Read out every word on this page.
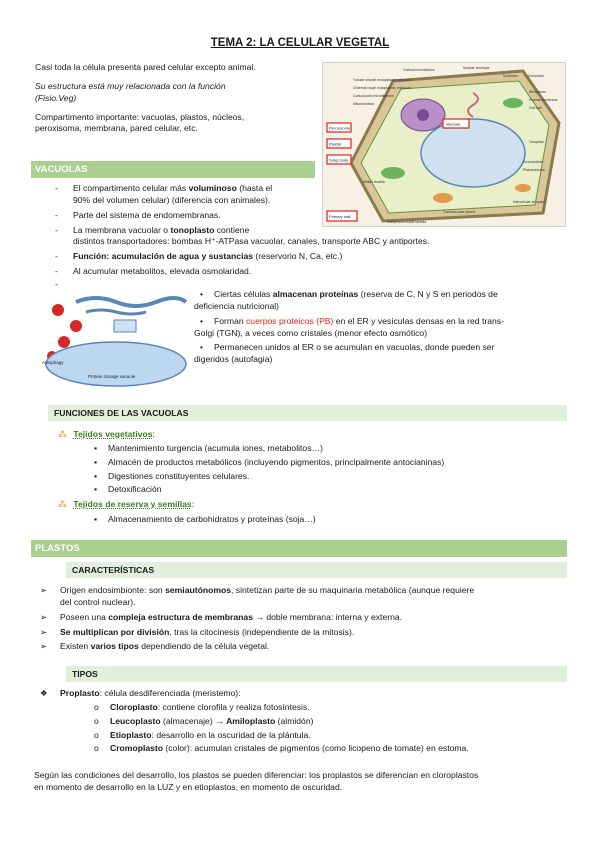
TEMA 2: LA CELULAR VEGETAL
Casi toda la célula presenta pared celular excepto animal.
Su estructura está muy relacionada con la función
(Fisio.Veg)
Compartimento importante: vacuolas, plastos, núcleos,
peroxisoma, membrana, pared celular, etc.	Peroxisome
Plastid
Golgi body
Vacuole
Primary wall
Cortical microtubules	Nuclear envelope
Nucleolus	Chromatin
Tubular smooth endoplasmic reticulum
Cisternal rough endoplasmic reticulum
Cortical actin microfilament
Mitochondrion
Ribosomes
Plasma membrane
Cell wall
Tonoplast
Middle lamella
Transvacuolar strand
Intercellular air space
Compound middle lamella
Desmotubule
Plasmodesma
VACUOLAS
-	El compartimento celular más voluminoso (hasta el
90% del volumen celular) (diferencia con animales).
-	Parte del sistema de endomembranas.
-	La membrana vacuolar o tonoplasto contiene
distintos transportadores: bombas H⁺-ATPasa vacuolar, canales, transporte ABC y antiportes.
-	Función: acumulación de agua y sustancias (reservorio N, Ca, etc.)
-	Al acumular metabolitos, elevada osmolaridad.
-
Autophagy
Protein storage vacuole
• Ciertas células almacenan proteínas (reserva de C, N y S en periodos de
deficiencia nutricional)
• Forman cuerpos proteicos (PB) en el ER y vesículas densas en la red trans-
Golgi (TGN), a veces como cristales (menor efecto osmótico)
• Permanecen unidos al ER o se acumulan en vacuolas, donde pueden ser
digeridos (autofagia)
FUNCIONES DE LAS VACUOLAS
⁂ Tejidos vegetativos:
▪ Mantenimiento turgencia (acumula iones, metabolitos…)
▪ Almacén de productos metabólicos (incluyendo pigmentos, principalmente antocianinas)
▪ Digestiones constituyentes celulares.
▪ Detoxificación
⁂ Tejidos de reserva y semillas:
▪ Almacenamiento de carbohidratos y proteínas (soja…)
PLASTOS
CARACTERÍSTICAS
➢	Origen endosimbionte: son semiautónomos, sintetizan parte de su maquinaria metabólica (aunque requiere
del control nuclear).
➢	Poseen una compleja estructura de membranas → doble membrana: interna y externa.
➢	Se multiplican por división, tras la citocinesis (independiente de la mitosis).
➢	Existen varios tipos dependiendo de la célula vegetal.
TIPOS
❖	Proplasto: célula desdiferenciada (meristemo):
o Cloroplasto: contiene clorofila y realiza fotosíntesis.
o Leucoplasto (almacenaje) → Amiloplasto (almidón)
o Etioplasto: desarrollo en la oscuridad de la plántula.
o Cromoplasto (color): acumulan cristales de pigmentos (como licopeno de tomate) en estoma.
Según las condiciones del desarrollo, los plastos se pueden diferenciar: los proplastos se diferencian en cloroplastos
en momento de desarrollo en la LUZ y en etioplastos, en momento de oscuridad.
